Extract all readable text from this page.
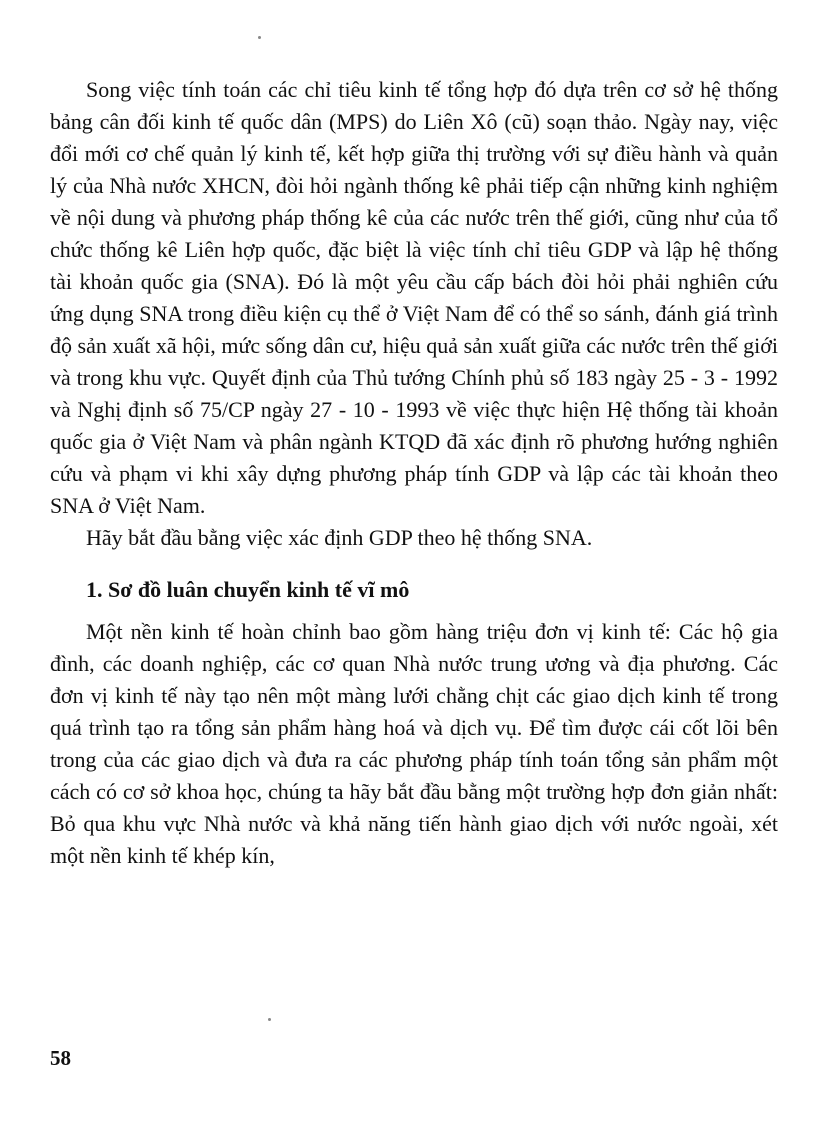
Song việc tính toán các chỉ tiêu kinh tế tổng hợp đó dựa trên cơ sở hệ thống bảng cân đối kinh tế quốc dân (MPS) do Liên Xô (cũ) soạn thảo. Ngày nay, việc đổi mới cơ chế quản lý kinh tế, kết hợp giữa thị trường với sự điều hành và quản lý của Nhà nước XHCN, đòi hỏi ngành thống kê phải tiếp cận những kinh nghiệm về nội dung và phương pháp thống kê của các nước trên thế giới, cũng như của tổ chức thống kê Liên hợp quốc, đặc biệt là việc tính chỉ tiêu GDP và lập hệ thống tài khoản quốc gia (SNA). Đó là một yêu cầu cấp bách đòi hỏi phải nghiên cứu ứng dụng SNA trong điều kiện cụ thể ở Việt Nam để có thể so sánh, đánh giá trình độ sản xuất xã hội, mức sống dân cư, hiệu quả sản xuất giữa các nước trên thế giới và trong khu vực. Quyết định của Thủ tướng Chính phủ số 183 ngày 25 - 3 - 1992 và Nghị định số 75/CP ngày 27 - 10 - 1993 về việc thực hiện Hệ thống tài khoản quốc gia ở Việt Nam và phân ngành KTQD đã xác định rõ phương hướng nghiên cứu và phạm vi khi xây dựng phương pháp tính GDP và lập các tài khoản theo SNA ở Việt Nam.

Hãy bắt đầu bằng việc xác định GDP theo hệ thống SNA.

1. Sơ đồ luân chuyển kinh tế vĩ mô

Một nền kinh tế hoàn chỉnh bao gồm hàng triệu đơn vị kinh tế: Các hộ gia đình, các doanh nghiệp, các cơ quan Nhà nước trung ương và địa phương. Các đơn vị kinh tế này tạo nên một màng lưới chằng chịt các giao dịch kinh tế trong quá trình tạo ra tổng sản phẩm hàng hoá và dịch vụ. Để tìm được cái cốt lõi bên trong của các giao dịch và đưa ra các phương pháp tính toán tổng sản phẩm một cách có cơ sở khoa học, chúng ta hãy bắt đầu bằng một trường hợp đơn giản nhất: Bỏ qua khu vực Nhà nước và khả năng tiến hành giao dịch với nước ngoài, xét một nền kinh tế khép kín,

58
